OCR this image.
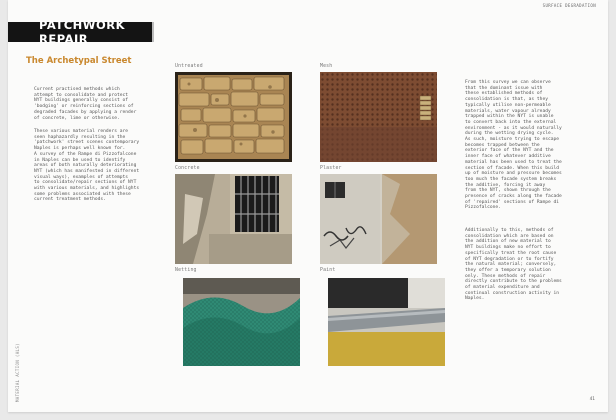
SURFACE DEGRADATION
PATCHWORK REPAIR
The Archetypal Street
Current practised methods which
attempt to consolidate and protect
NYT buildings generally consist of
'bodging' or reinforcing sections of
degraded facades by applying a render
of concrete, lime or otherwise.
These various material renders are
seen haphazardly resulting in the
'patchwork' street scenes contemporary
Naples is perhaps well known for.
A survey of the Rampe di Pizzofalcone
in Naples can be used to identify
areas of both naturally deteriorating
NYT (which has manifested in different
visual ways), examples of attempts
to consolidate/repair sections of NYT
with various materials, and highlights
some problems associated with these
current treatment methods.
From this survey we can observe
that the dominant issue with
these established methods of
consolidation is that, as they
typically utilise non-permeable
materials, water vapour already
trapped within the NYT is unable
to convert back into the external
environment - as it would naturally
during the wetting drying cycle.
As such, moisture trying to escape
becomes trapped between the
exterior face of the NYT and the
inner face of whatever additive
material has been used to treat the
section of facade. When this build
up of moisture and pressure becomes
too much the facade system breaks
the additive, forcing it away
from the NYT, shown through the
presence of cracks along the facade
of 'repaired' sections of Rampe di
Pizzofalcone.
Additionally to this, methods of
consolidation which are based on
the addition of new material to
NYT buildings make no effort to
specifically treat the root cause
of NYT degradation or to fortify
the natural material; conversely,
they offer a temporary solution
only. These methods of repair
directly contribute to the problems
of material expenditure and
continual construction activity in
Naples.
Untreated	Mesh
Concrete	Plaster
Netting	Paint
MATERIAL ACTION (ALS)	41
